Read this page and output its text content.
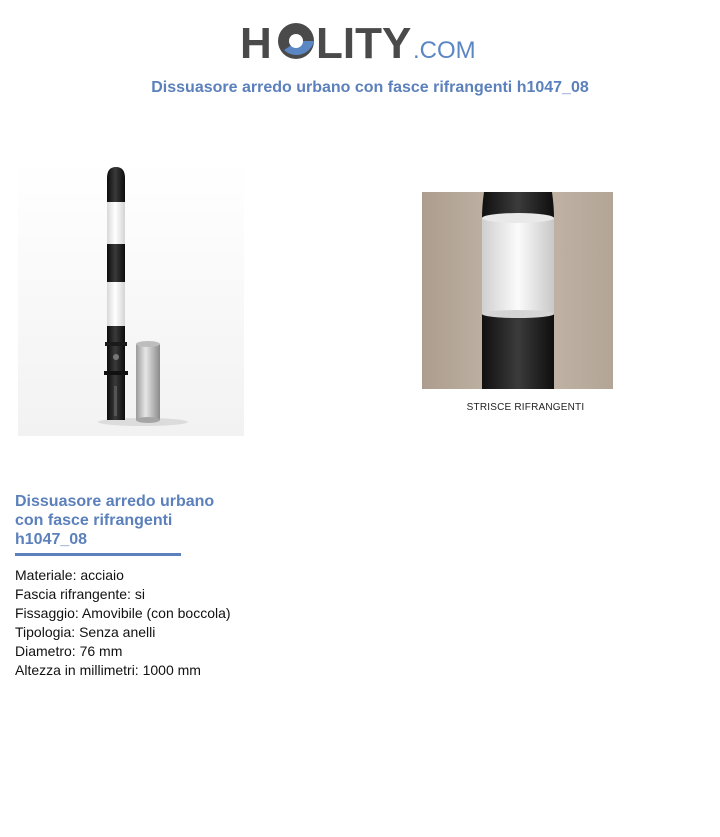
H LITY .COM
Dissuasore arredo urbano con fasce rifrangenti h1047_08
STRISCE RIFRANGENTI
Dissuasore arredo urbano
con fasce rifrangenti
h1047_08
Materiale: acciaio
Fascia rifrangente: si
Fissaggio: Amovibile (con boccola)
Tipologia: Senza anelli
Diametro: 76 mm
Altezza in millimetri: 1000 mm
